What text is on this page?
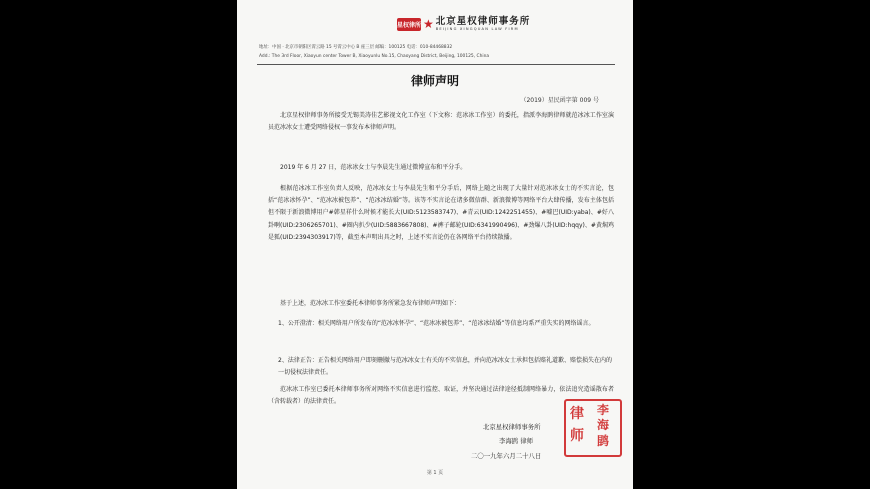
星权律所 ★ 北京星权律师事务所
BEIJING XINGQUAN LAW FIRM
地址：中国 · 北京市朝阳区霄云路 15 号霄云中心 B 座三层 邮编：100125 电话：010-84468832
Add.: The 3rd Floor, Xiaoyun center Tower B, Xiaoyunlu No.15, Chaoyang District, Beijing, 100125, China
律师声明
（2019）星民函字第 009 号

北京星权律师事务所接受无锡美涛佳艺影视文化工作室（下文称：范冰冰工作室）的委托，指派李海鹍律师就范冰冰工作室演员范冰冰女士遭受网络侵权一事发布本律师声明。

2019 年 6 月 27 日，范冰冰女士与李晨先生通过微博宣布和平分手。

根据范冰冰工作室负责人反映，范冰冰女士与李晨先生和平分手后，网络上随之出现了大量针对范冰冰女士的不实言论，包括“范冰冰怀孕”、“范冰冰被包养”、“范冰冰结婚”等。该等不实言论在诸多微信群、新浪微博等网络平台大肆传播，发布主体包括但不限于新浪微博用户#韩星祥什么时候才能长大(UID:5123583747)、#青云(UID:1242251455)、#嘘巴(UID:yaba)、#好八卦啊(UID:2306265701)、#圈内扒少(UID:5883667808)、#裤子邮轮(UID:6341990496)、#劲爆八卦(UID:hqqy)、#黄焖鸡是狐(UID:2394303917)等，截至本声明出具之时，上述不实言论仍在各网络平台持续散播。

基于上述，范冰冰工作室委托本律师事务所紧急发布律师声明如下：

1、公开澄清：相关网络用户所发布的“范冰冰怀孕”、“范冰冰被包养”、“范冰冰结婚”等信息均系严重失实的网络谣言。

2、法律正告：正告相关网络用户即刻删撤与范冰冰女士有关的不实信息，并向范冰冰女士承担包括赔礼道歉、赔偿损失在内的一切侵权法律责任。

范冰冰工作室已委托本律师事务所对网络不实信息进行监控、取证，并坚决通过法律途径抵制网络暴力，依法追究造谣散布者（含转载者）的法律责任。

北京星权律师事务所
李海鹍 律师
二〇一九年六月二十八日
律
师
李
海
鹍
第 1 页
